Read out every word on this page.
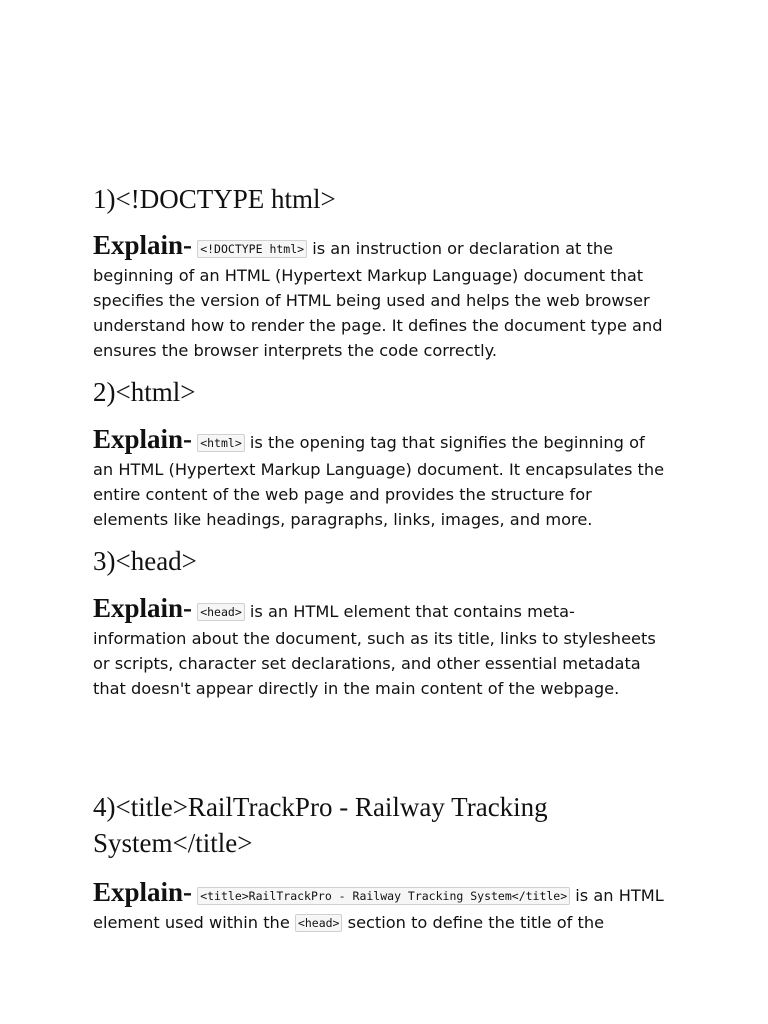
1)<!DOCTYPE html>

Explain- <!DOCTYPE html> is an instruction or declaration at the beginning of an HTML (Hypertext Markup Language) document that specifies the version of HTML being used and helps the web browser understand how to render the page. It defines the document type and ensures the browser interprets the code correctly.

2)<html>

Explain- <html> is the opening tag that signifies the beginning of an HTML (Hypertext Markup Language) document. It encapsulates the entire content of the web page and provides the structure for elements like headings, paragraphs, links, images, and more.

3)<head>

Explain- <head> is an HTML element that contains meta-information about the document, such as its title, links to stylesheets or scripts, character set declarations, and other essential metadata that doesn't appear directly in the main content of the webpage.

4)<title>RailTrackPro - Railway Tracking System</title>

Explain- <title>RailTrackPro - Railway Tracking System</title> is an HTML element used within the <head> section to define the title of the
